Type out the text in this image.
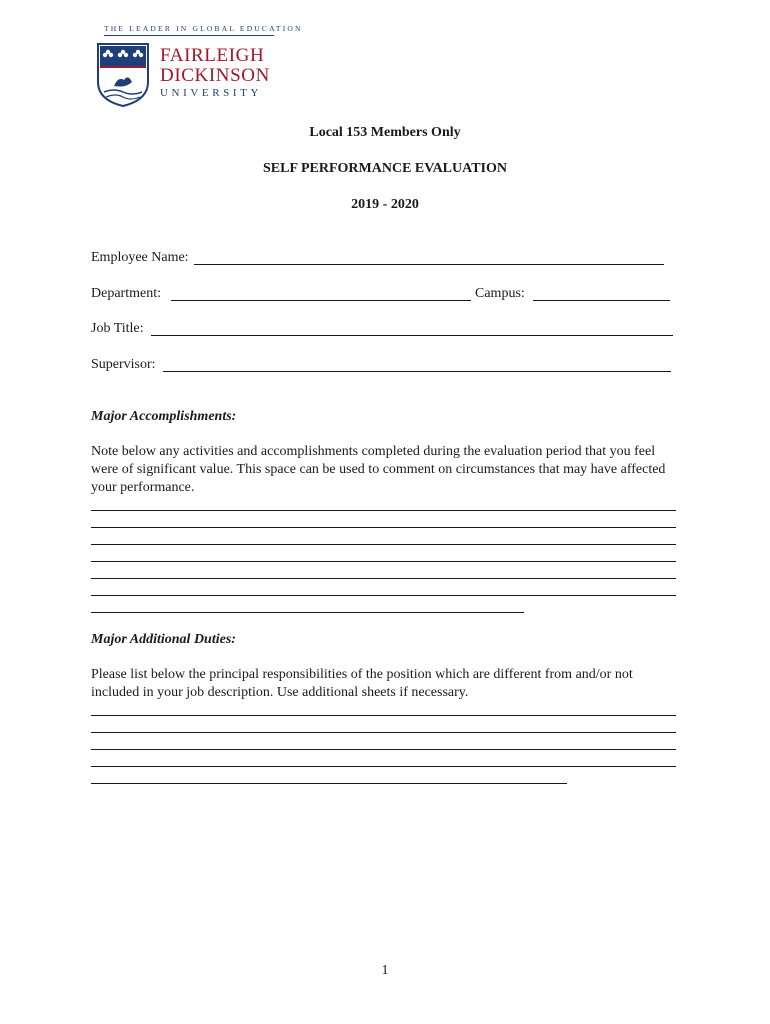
THE LEADER IN GLOBAL EDUCATION
FAIRLEIGH
DICKINSON
UNIVERSITY
Local 153 Members Only
SELF PERFORMANCE EVALUATION
2019 - 2020
Employee Name:
Department:	Campus:
Job Title:
Supervisor:
Major Accomplishments:
Note below any activities and accomplishments completed during the evaluation period that you feel were of significant value. This space can be used to comment on circumstances that may have affected your performance.
Major Additional Duties:
Please list below the principal responsibilities of the position which are different from and/or not included in your job description. Use additional sheets if necessary.
1
